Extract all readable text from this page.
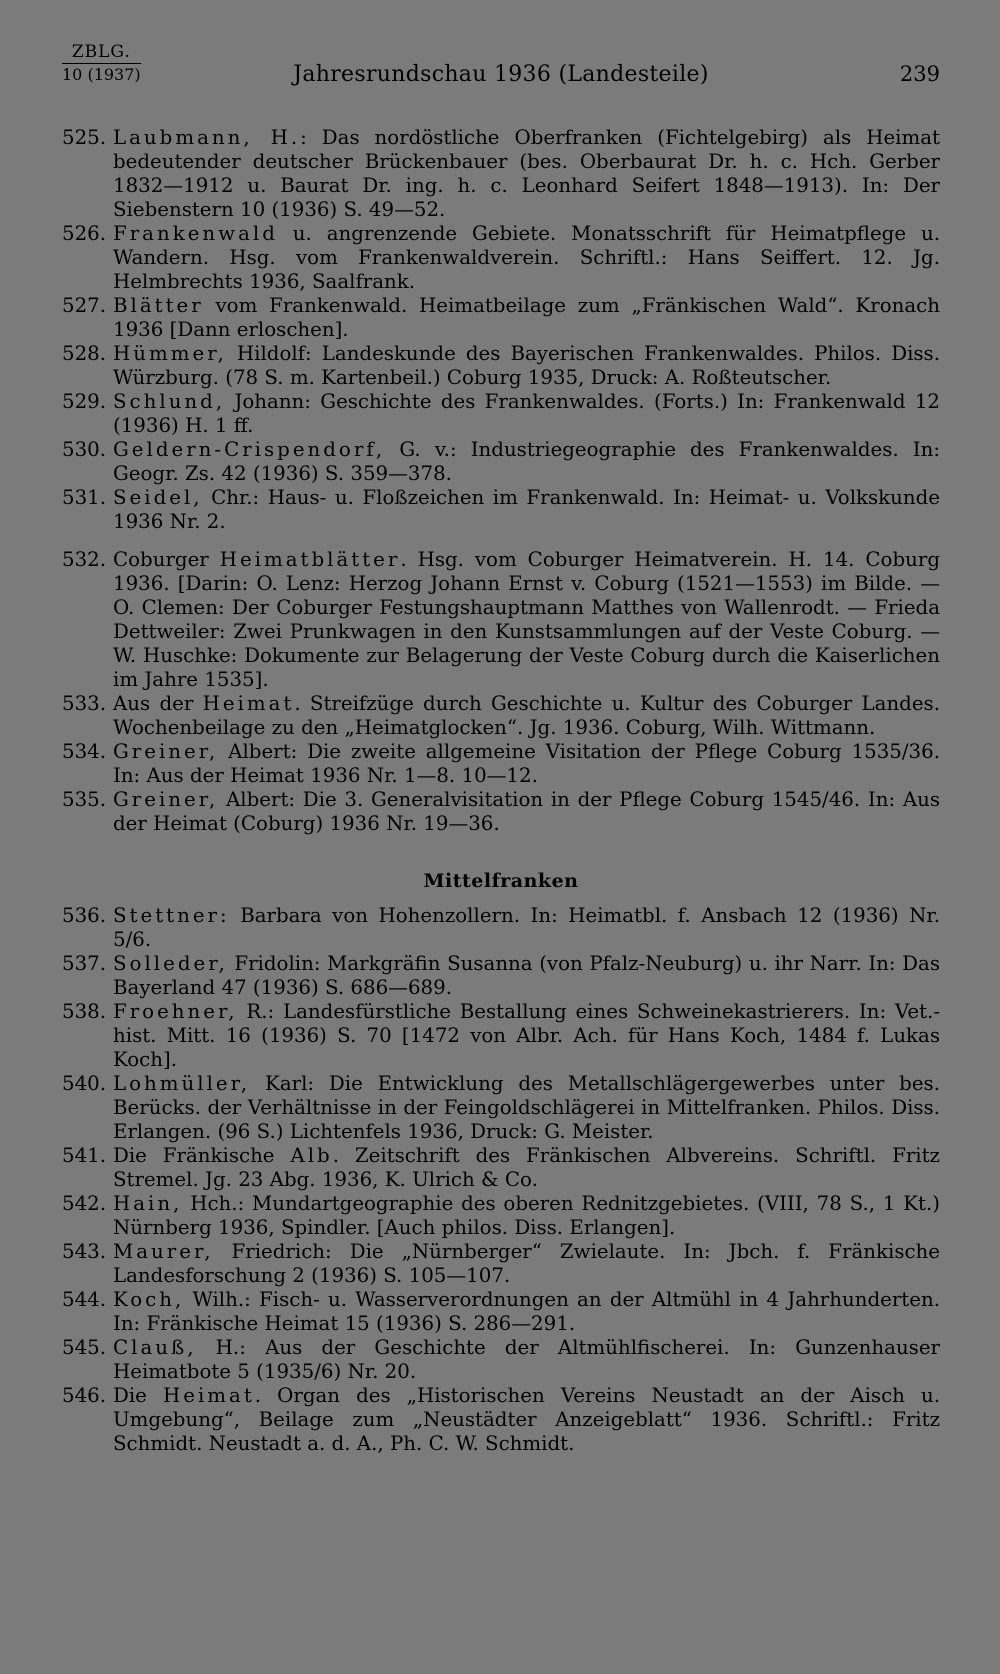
ZBLG.
10 (1937)	Jahresrundschau 1936 (Landesteile)	239

525. Laubmann, H.: Das nordöstliche Oberfranken (Fichtelgebirg) als Heimat bedeutender deutscher Brückenbauer (bes. Oberbaurat Dr. h. c. Hch. Gerber 1832—1912 u. Baurat Dr. ing. h. c. Leonhard Seifert 1848—1913). In: Der Siebenstern 10 (1936) S. 49—52.

526. Frankenwald u. angrenzende Gebiete. Monatsschrift für Heimatpflege u. Wandern. Hsg. vom Frankenwaldverein. Schriftl.: Hans Seiffert. 12. Jg. Helmbrechts 1936, Saalfrank.

527. Blätter vom Frankenwald. Heimatbeilage zum „Fränkischen Wald“. Kronach 1936 [Dann erloschen].

528. Hümmer, Hildolf: Landeskunde des Bayerischen Frankenwaldes. Philos. Diss. Würzburg. (78 S. m. Kartenbeil.) Coburg 1935, Druck: A. Roßteutscher.

529. Schlund, Johann: Geschichte des Frankenwaldes. (Forts.) In: Frankenwald 12 (1936) H. 1 ff.

530. Geldern-Crispendorf, G. v.: Industriegeographie des Frankenwaldes. In: Geogr. Zs. 42 (1936) S. 359—378.

531. Seidel, Chr.: Haus- u. Floßzeichen im Frankenwald. In: Heimat- u. Volkskunde 1936 Nr. 2.

532. Coburger Heimatblätter. Hsg. vom Coburger Heimatverein. H. 14. Coburg 1936. [Darin: O. Lenz: Herzog Johann Ernst v. Coburg (1521—1553) im Bilde. — O. Clemen: Der Coburger Festungshauptmann Matthes von Wallenrodt. — Frieda Dettweiler: Zwei Prunkwagen in den Kunstsammlungen auf der Veste Coburg. — W. Huschke: Dokumente zur Belagerung der Veste Coburg durch die Kaiserlichen im Jahre 1535].

533. Aus der Heimat. Streifzüge durch Geschichte u. Kultur des Coburger Landes. Wochenbeilage zu den „Heimatglocken“. Jg. 1936. Coburg, Wilh. Wittmann.

534. Greiner, Albert: Die zweite allgemeine Visitation der Pflege Coburg 1535/36. In: Aus der Heimat 1936 Nr. 1—8. 10—12.

535. Greiner, Albert: Die 3. Generalvisitation in der Pflege Coburg 1545/46. In: Aus der Heimat (Coburg) 1936 Nr. 19—36.

Mittelfranken

536. Stettner: Barbara von Hohenzollern. In: Heimatbl. f. Ansbach 12 (1936) Nr. 5/6.

537. Solleder, Fridolin: Markgräfin Susanna (von Pfalz-Neuburg) u. ihr Narr. In: Das Bayerland 47 (1936) S. 686—689.

538. Froehner, R.: Landesfürstliche Bestallung eines Schweinekastrierers. In: Vet.-hist. Mitt. 16 (1936) S. 70 [1472 von Albr. Ach. für Hans Koch, 1484 f. Lukas Koch].

540. Lohmüller, Karl: Die Entwicklung des Metallschlägergewerbes unter bes. Berücks. der Verhältnisse in der Feingoldschlägerei in Mittelfranken. Philos. Diss. Erlangen. (96 S.) Lichtenfels 1936, Druck: G. Meister.

541. Die Fränkische Alb. Zeitschrift des Fränkischen Albvereins. Schriftl. Fritz Stremel. Jg. 23 Abg. 1936, K. Ulrich & Co.

542. Hain, Hch.: Mundartgeographie des oberen Rednitzgebietes. (VIII, 78 S., 1 Kt.) Nürnberg 1936, Spindler. [Auch philos. Diss. Erlangen].

543. Maurer, Friedrich: Die „Nürnberger“ Zwielaute. In: Jbch. f. Fränkische Landesforschung 2 (1936) S. 105—107.

544. Koch, Wilh.: Fisch- u. Wasserverordnungen an der Altmühl in 4 Jahrhunderten. In: Fränkische Heimat 15 (1936) S. 286—291.

545. Clauß, H.: Aus der Geschichte der Altmühlfischerei. In: Gunzenhauser Heimatbote 5 (1935/6) Nr. 20.

546. Die Heimat. Organ des „Historischen Vereins Neustadt an der Aisch u. Umgebung“, Beilage zum „Neustädter Anzeigeblatt“ 1936. Schriftl.: Fritz Schmidt. Neustadt a. d. A., Ph. C. W. Schmidt.
